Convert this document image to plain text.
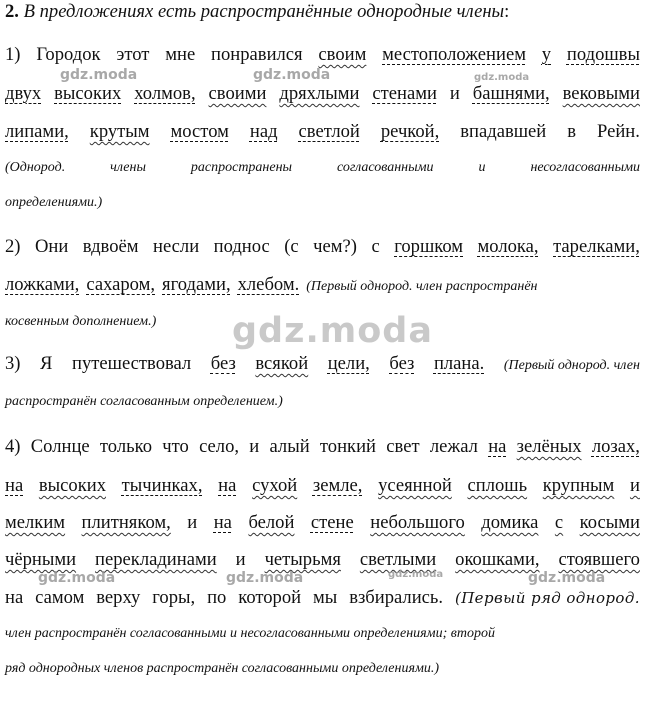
2. В предложениях есть распространённые однородные члены:
1) Городок этот мне понравился своим местоположением у подошвы
двух высоких холмов, своими дряхлыми стенами и башнями, вековыми
липами, крутым мостом над светлой речкой, впадавшей в Рейн.
(Однород.	члены	распространены	согласованными	и	несогласованными
определениями.)
2) Они вдвоём несли поднос (с чем?) с горшком молока, тарелками,
ложками, сахаром, ягодами, хлебом. (Первый однород. член распространён
косвенным дополнением.)
3) Я путешествовал без всякой цели, без плана. (Первый однород. член
распространён согласованным определением.)
4) Солнце только что село, и алый тонкий свет лежал на зелёных лозах,
на высоких тычинках, на сухой земле, усеянной сплошь крупным и
мелким плитняком, и на белой стене небольшого домика с косыми
чёрными перекладинами и четырьмя светлыми окошками, стоявшего
на самом верху горы, по которой мы взбирались. (Первый ряд однород.
член распространён согласованными и несогласованными определениями; второй
ряд однородных членов распространён согласованными определениями.)
gdz.moda	gdz.moda	gdz.moda
gdz.moda
gdz.moda	gdz.moda	gdz.moda	gdz.moda
